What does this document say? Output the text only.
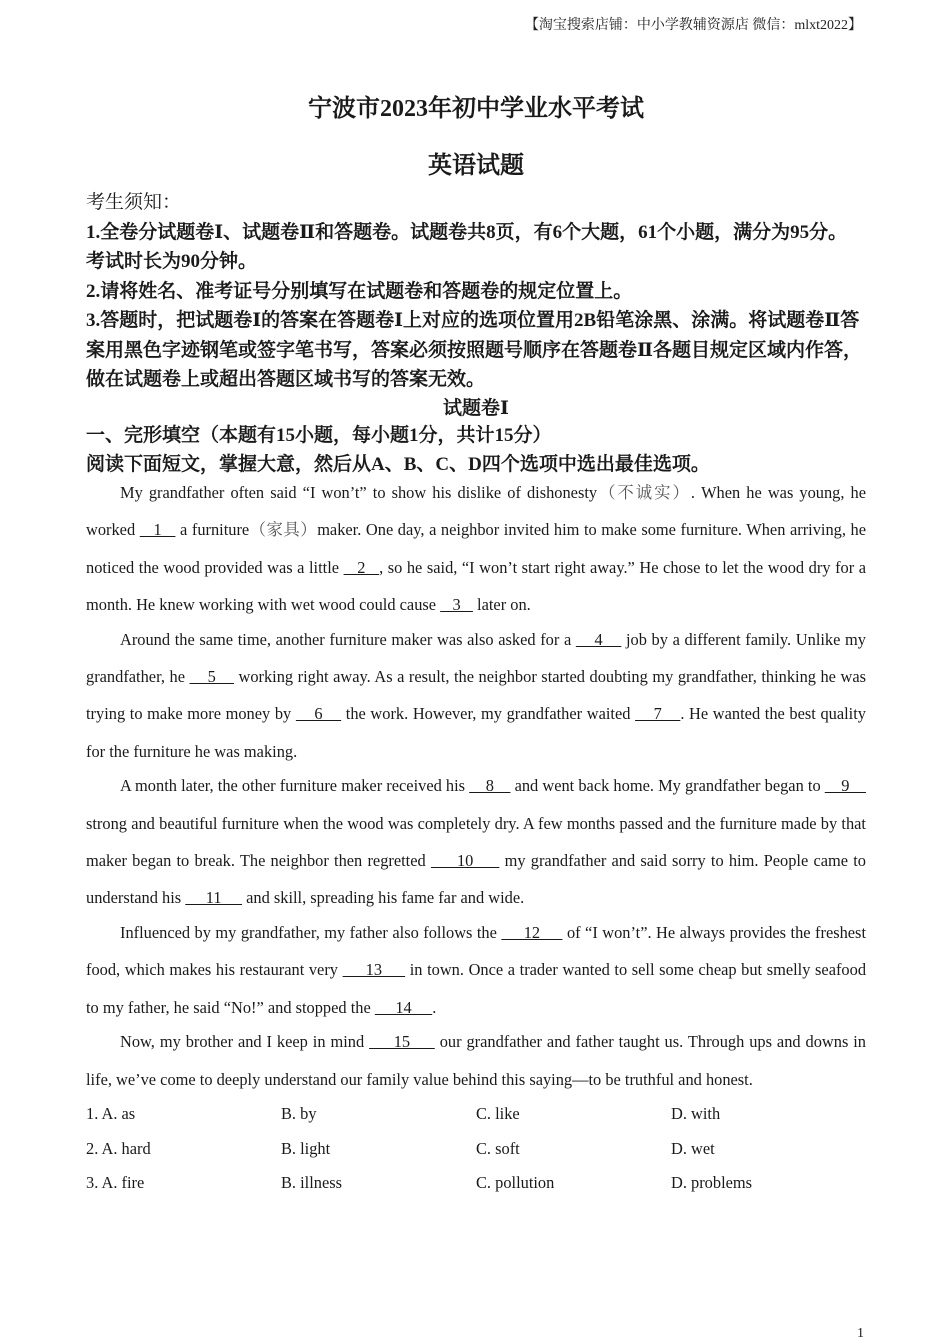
【淘宝搜索店铺：中小学教辅资源店 微信：mlxt2022】
宁波市2023年初中学业水平考试
英语试题

考生须知：

1.全卷分试题卷Ⅰ、试题卷Ⅱ和答题卷。试题卷共8页，有6个大题，61个小题，满分为95分。考试时长为90分钟。

2.请将姓名、准考证号分别填写在试题卷和答题卷的规定位置上。

3.答题时，把试题卷Ⅰ的答案在答题卷Ⅰ上对应的选项位置用2B铅笔涂黑、涂满。将试题卷Ⅱ答案用黑色字迹钢笔或签字笔书写，答案必须按照题号顺序在答题卷Ⅱ各题目规定区域内作答，做在试题卷上或超出答题区域书写的答案无效。

试题卷Ⅰ

一、完形填空（本题有15小题，每小题1分，共计15分）

阅读下面短文，掌握大意，然后从A、B、C、D四个选项中选出最佳选项。

My grandfather often said “I won’t” to show his dislike of dishonesty（不诚实）. When he was young, he worked    1    a furniture（家具）maker. One day, a neighbor invited him to make some furniture. When arriving, he noticed the wood provided was a little    2   , so he said, “I won’t start right away.” He chose to let the wood dry for a month. He knew working with wet wood could cause    3    later on.

Around the same time, another furniture maker was also asked for a     4     job by a different family. Unlike my grandfather, he     5     working right away. As a result, the neighbor started doubting my grandfather, thinking he was trying to make more money by     6     the work. However, my grandfather waited     7    . He wanted the best quality for the furniture he was making.

A month later, the other furniture maker received his     8     and went back home. My grandfather began to     9     strong and beautiful furniture when the wood was completely dry. A few months passed and the furniture made by that maker began to break. The neighbor then regretted      10      my grandfather and said sorry to him. People came to understand his      11      and skill, spreading his fame far and wide.

Influenced by my grandfather, my father also follows the      12      of “I won’t”. He always provides the freshest food, which makes his restaurant very      13      in town. Once a trader wanted to sell some cheap but smelly seafood to my father, he said “No!” and stopped the      14     .

Now, my brother and I keep in mind      15      our grandfather and father taught us. Through ups and downs in life, we’ve come to deeply understand our family value behind this saying—to be truthful and honest.

1. A. as	B. by	C. like	D. with
2. A. hard	B. light	C. soft	D. wet
3. A. fire	B. illness	C. pollution	D. problems
1
